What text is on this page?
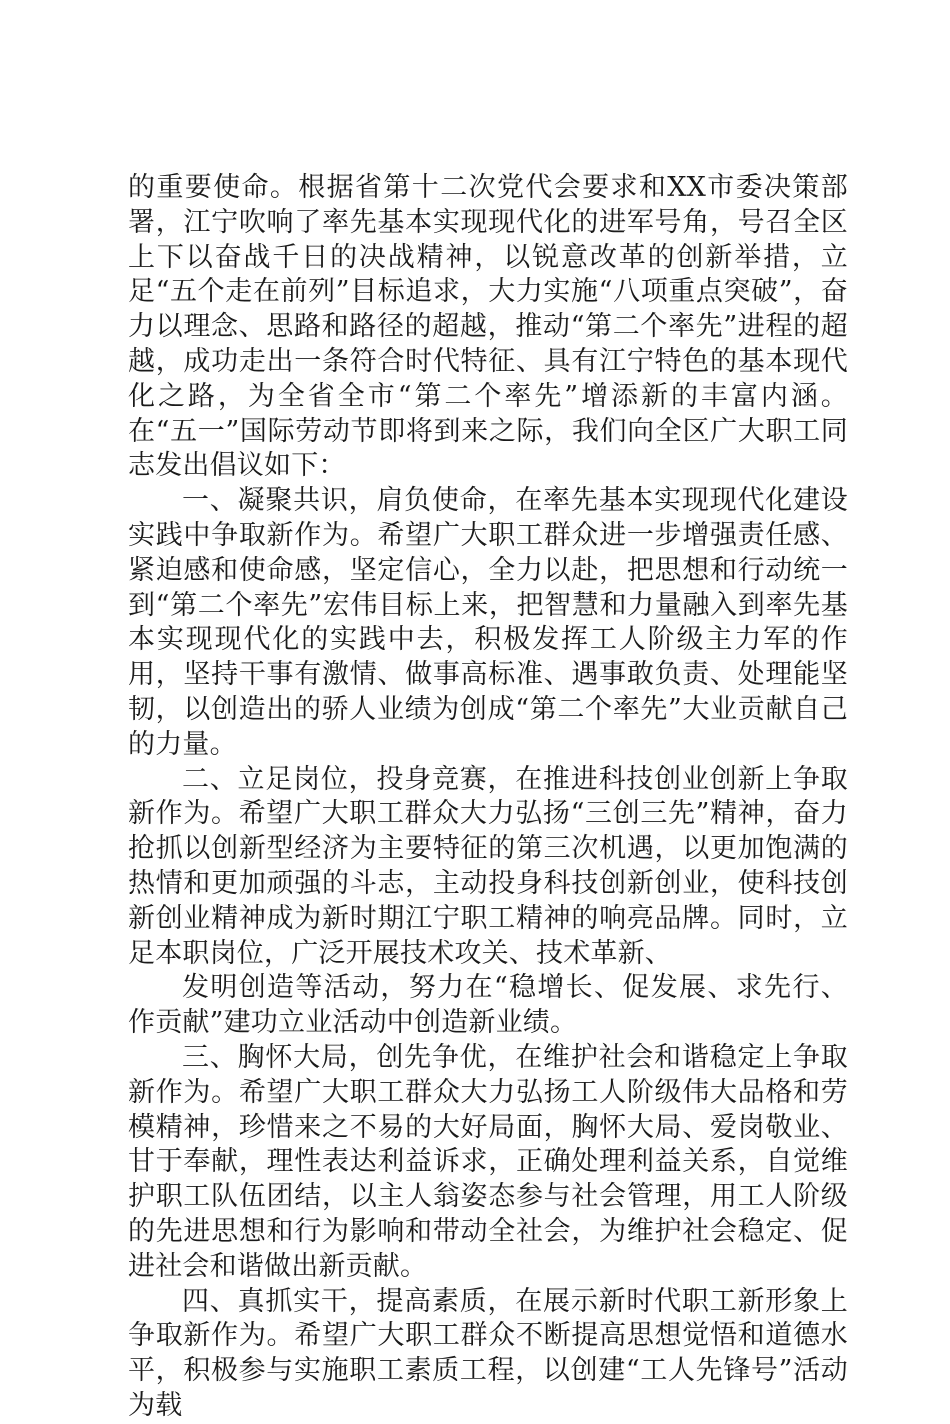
的重要使命。根据省第十二次党代会要求和XX市委决策部署，江宁吹响了率先基本实现现代化的进军号角，号召全区上下以奋战千日的决战精神，以锐意改革的创新举措，立足“五个走在前列”目标追求，大力实施“八项重点突破”，奋力以理念、思路和路径的超越，推动“第二个率先”进程的超越，成功走出一条符合时代特征、具有江宁特色的基本现代化之路，为全省全市“第二个率先”增添新的丰富内涵。在“五一”国际劳动节即将到来之际，我们向全区广大职工同志发出倡议如下：

一、凝聚共识，肩负使命，在率先基本实现现代化建设实践中争取新作为。希望广大职工群众进一步增强责任感、紧迫感和使命感，坚定信心，全力以赴，把思想和行动统一到“第二个率先”宏伟目标上来，把智慧和力量融入到率先基本实现现代化的实践中去，积极发挥工人阶级主力军的作用，坚持干事有激情、做事高标准、遇事敢负责、处理能坚韧，以创造出的骄人业绩为创成“第二个率先”大业贡献自己的力量。

二、立足岗位，投身竞赛，在推进科技创业创新上争取新作为。希望广大职工群众大力弘扬“三创三先”精神，奋力抢抓以创新型经济为主要特征的第三次机遇，以更加饱满的热情和更加顽强的斗志，主动投身科技创新创业，使科技创新创业精神成为新时期江宁职工精神的响亮品牌。同时，立足本职岗位，广泛开展技术攻关、技术革新、

发明创造等活动，努力在“稳增长、促发展、求先行、作贡献”建功立业活动中创造新业绩。

三、胸怀大局，创先争优，在维护社会和谐稳定上争取新作为。希望广大职工群众大力弘扬工人阶级伟大品格和劳模精神，珍惜来之不易的大好局面，胸怀大局、爱岗敬业、甘于奉献，理性表达利益诉求，正确处理利益关系，自觉维护职工队伍团结，以主人翁姿态参与社会管理，用工人阶级的先进思想和行为影响和带动全社会，为维护社会稳定、促进社会和谐做出新贡献。

四、真抓实干，提高素质，在展示新时代职工新形象上争取新作为。希望广大职工群众不断提高思想觉悟和道德水平，积极参与实施职工素质工程，以创建“工人先锋号”活动为载
